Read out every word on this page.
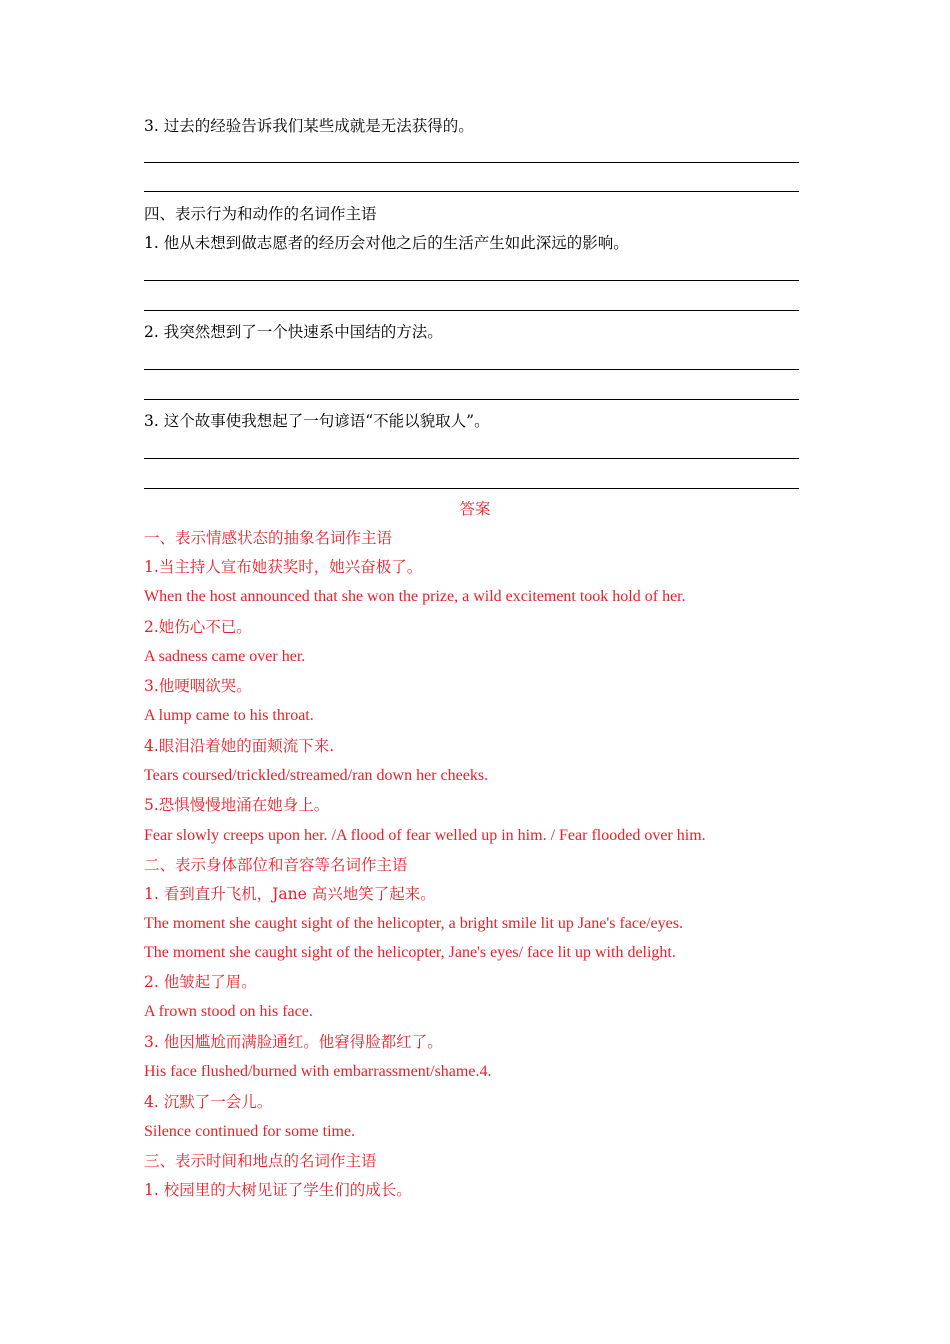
3. 过去的经验告诉我们某些成就是无法获得的。
四、表示行为和动作的名词作主语
1. 他从未想到做志愿者的经历会对他之后的生活产生如此深远的影响。
2. 我突然想到了一个快速系中国结的方法。
3. 这个故事使我想起了一句谚语“不能以貌取人”。
答案
一、表示情感状态的抽象名词作主语
1.当主持人宣布她获奖时，她兴奋极了。
When the host announced that she won the prize, a wild excitement took hold of her.
2.她伤心不已。
A sadness came over her.
3.他哽咽欲哭。
A lump came to his throat.
4.眼泪沿着她的面颊流下来.
Tears coursed/trickled/streamed/ran down her cheeks.
5.恐惧慢慢地涌在她身上。
Fear slowly creeps upon her. /A flood of fear welled up in him. / Fear flooded over him.
二、表示身体部位和音容等名词作主语
1. 看到直升飞机，Jane 高兴地笑了起来。
The moment she caught sight of the helicopter, a bright smile lit up Jane's face/eyes.
The moment she caught sight of the helicopter, Jane's eyes/ face lit up with delight.
2. 他皱起了眉。
A frown stood on his face.
3. 他因尴尬而满脸通红。他窘得脸都红了。
His face flushed/burned with embarrassment/shame.4.
4. 沉默了一会儿。
Silence continued for some time.
三、表示时间和地点的名词作主语
1. 校园里的大树见证了学生们的成长。
